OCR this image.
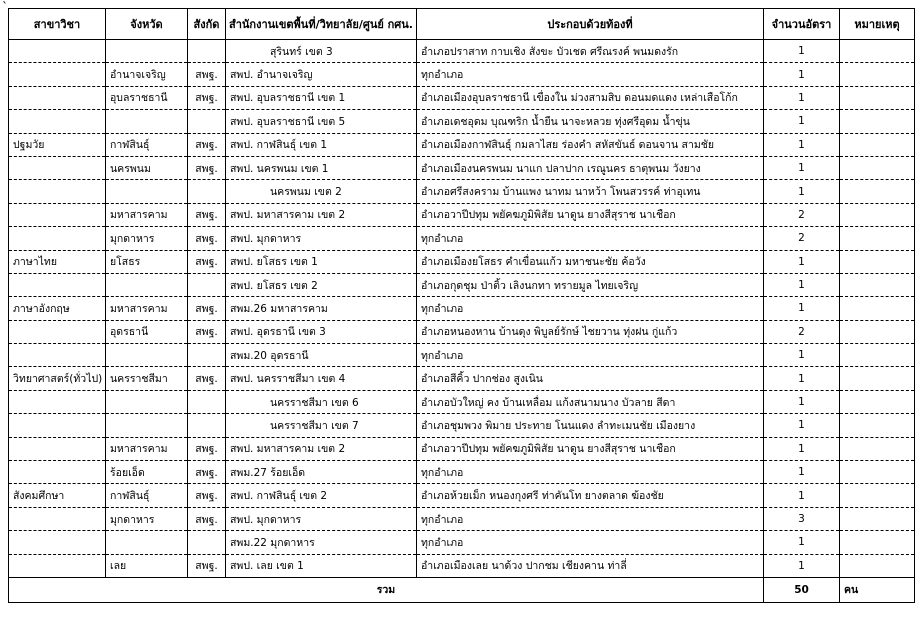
`
สาขาวิชา	จังหวัด	สังกัด	สำนักงานเขตพื้นที่/วิทยาลัย/ศูนย์ กศน.	ประกอบด้วยท้องที่	จำนวนอัตรา	หมายเหตุ
			สุรินทร์ เขต 3	อำเภอปราสาท กาบเชิง สังขะ บัวเชด ศรีณรงค์ พนมดงรัก	1	
	อำนาจเจริญ	สพฐ.	สพป. อำนาจเจริญ	ทุกอำเภอ	1	
	อุบลราชธานี	สพฐ.	สพป. อุบลราชธานี เขต 1	อำเภอเมืองอุบลราชธานี เขื่องใน ม่วงสามสิบ ดอนมดแดง เหล่าเสือโก้ก	1	
			สพป. อุบลราชธานี เขต 5	อำเภอเดชอุดม บุณฑริก น้ำยืน นาจะหลวย ทุ่งศรีอุดม น้ำขุ่น	1	
ปฐมวัย	กาฬสินธุ์	สพฐ.	สพป. กาฬสินธุ์ เขต 1	อำเภอเมืองกาฬสินธุ์ กมลาไสย ร่องคำ สหัสขันธ์ ดอนจาน สามชัย	1	
	นครพนม	สพฐ.	สพป. นครพนม เขต 1	อำเภอเมืองนครพนม นาแก ปลาปาก เรณูนคร ธาตุพนม วังยาง	1	
			นครพนม เขต 2	อำเภอศรีสงคราม บ้านแพง นาทม นาหว้า โพนสวรรค์ ท่าอุเทน	1	
	มหาสารคาม	สพฐ.	สพป. มหาสารคาม เขต 2	อำเภอวาปีปทุม พยัคฆภูมิพิสัย นาดูน ยางสีสุราช นาเชือก	2	
	มุกดาหาร	สพฐ.	สพป. มุกดาหาร	ทุกอำเภอ	2	
ภาษาไทย	ยโสธร	สพฐ.	สพป. ยโสธร เขต 1	อำเภอเมืองยโสธร คำเขื่อนแก้ว มหาชนะชัย ค้อวัง	1	
			สพป. ยโสธร เขต 2	อำเภอกุดชุม ป่าติ้ว เลิงนกทา ทรายมูล ไทยเจริญ	1	
ภาษาอังกฤษ	มหาสารคาม	สพฐ.	สพม.26 มหาสารคาม	ทุกอำเภอ	1	
	อุดรธานี	สพฐ.	สพป. อุดรธานี เขต 3	อำเภอหนองหาน บ้านดุง พิบูลย์รักษ์ ไชยวาน ทุ่งฝน กู่แก้ว	2	
			สพม.20 อุดรธานี	ทุกอำเภอ	1	
วิทยาศาสตร์(ทั่วไป)	นครราชสีมา	สพฐ.	สพป. นครราชสีมา เขต 4	อำเภอสีคิ้ว ปากช่อง สูงเนิน	1	
			นครราชสีมา เขต 6	อำเภอบัวใหญ่ คง บ้านเหลื่อม แก้งสนามนาง บัวลาย สีดา	1	
			นครราชสีมา เขต 7	อำเภอชุมพวง พิมาย ประทาย โนนแดง ลำทะเมนชัย เมืองยาง	1	
	มหาสารคาม	สพฐ.	สพป. มหาสารคาม เขต 2	อำเภอวาปีปทุม พยัคฆภูมิพิสัย นาดูน ยางสีสุราช นาเชือก	1	
	ร้อยเอ็ด	สพฐ.	สพม.27 ร้อยเอ็ด	ทุกอำเภอ	1	
สังคมศึกษา	กาฬสินธุ์	สพฐ.	สพป. กาฬสินธุ์ เขต 2	อำเภอห้วยเม็ก หนองกุงศรี ท่าคันโท ยางตลาด ฆ้องชัย	1	
	มุกดาหาร	สพฐ.	สพป. มุกดาหาร	ทุกอำเภอ	3	
			สพม.22 มุกดาหาร	ทุกอำเภอ	1	
	เลย	สพฐ.	สพป. เลย เขต 1	อำเภอเมืองเลย นาด้วง ปากชม เชียงคาน ท่าลี่	1	
รวม					50	คน
